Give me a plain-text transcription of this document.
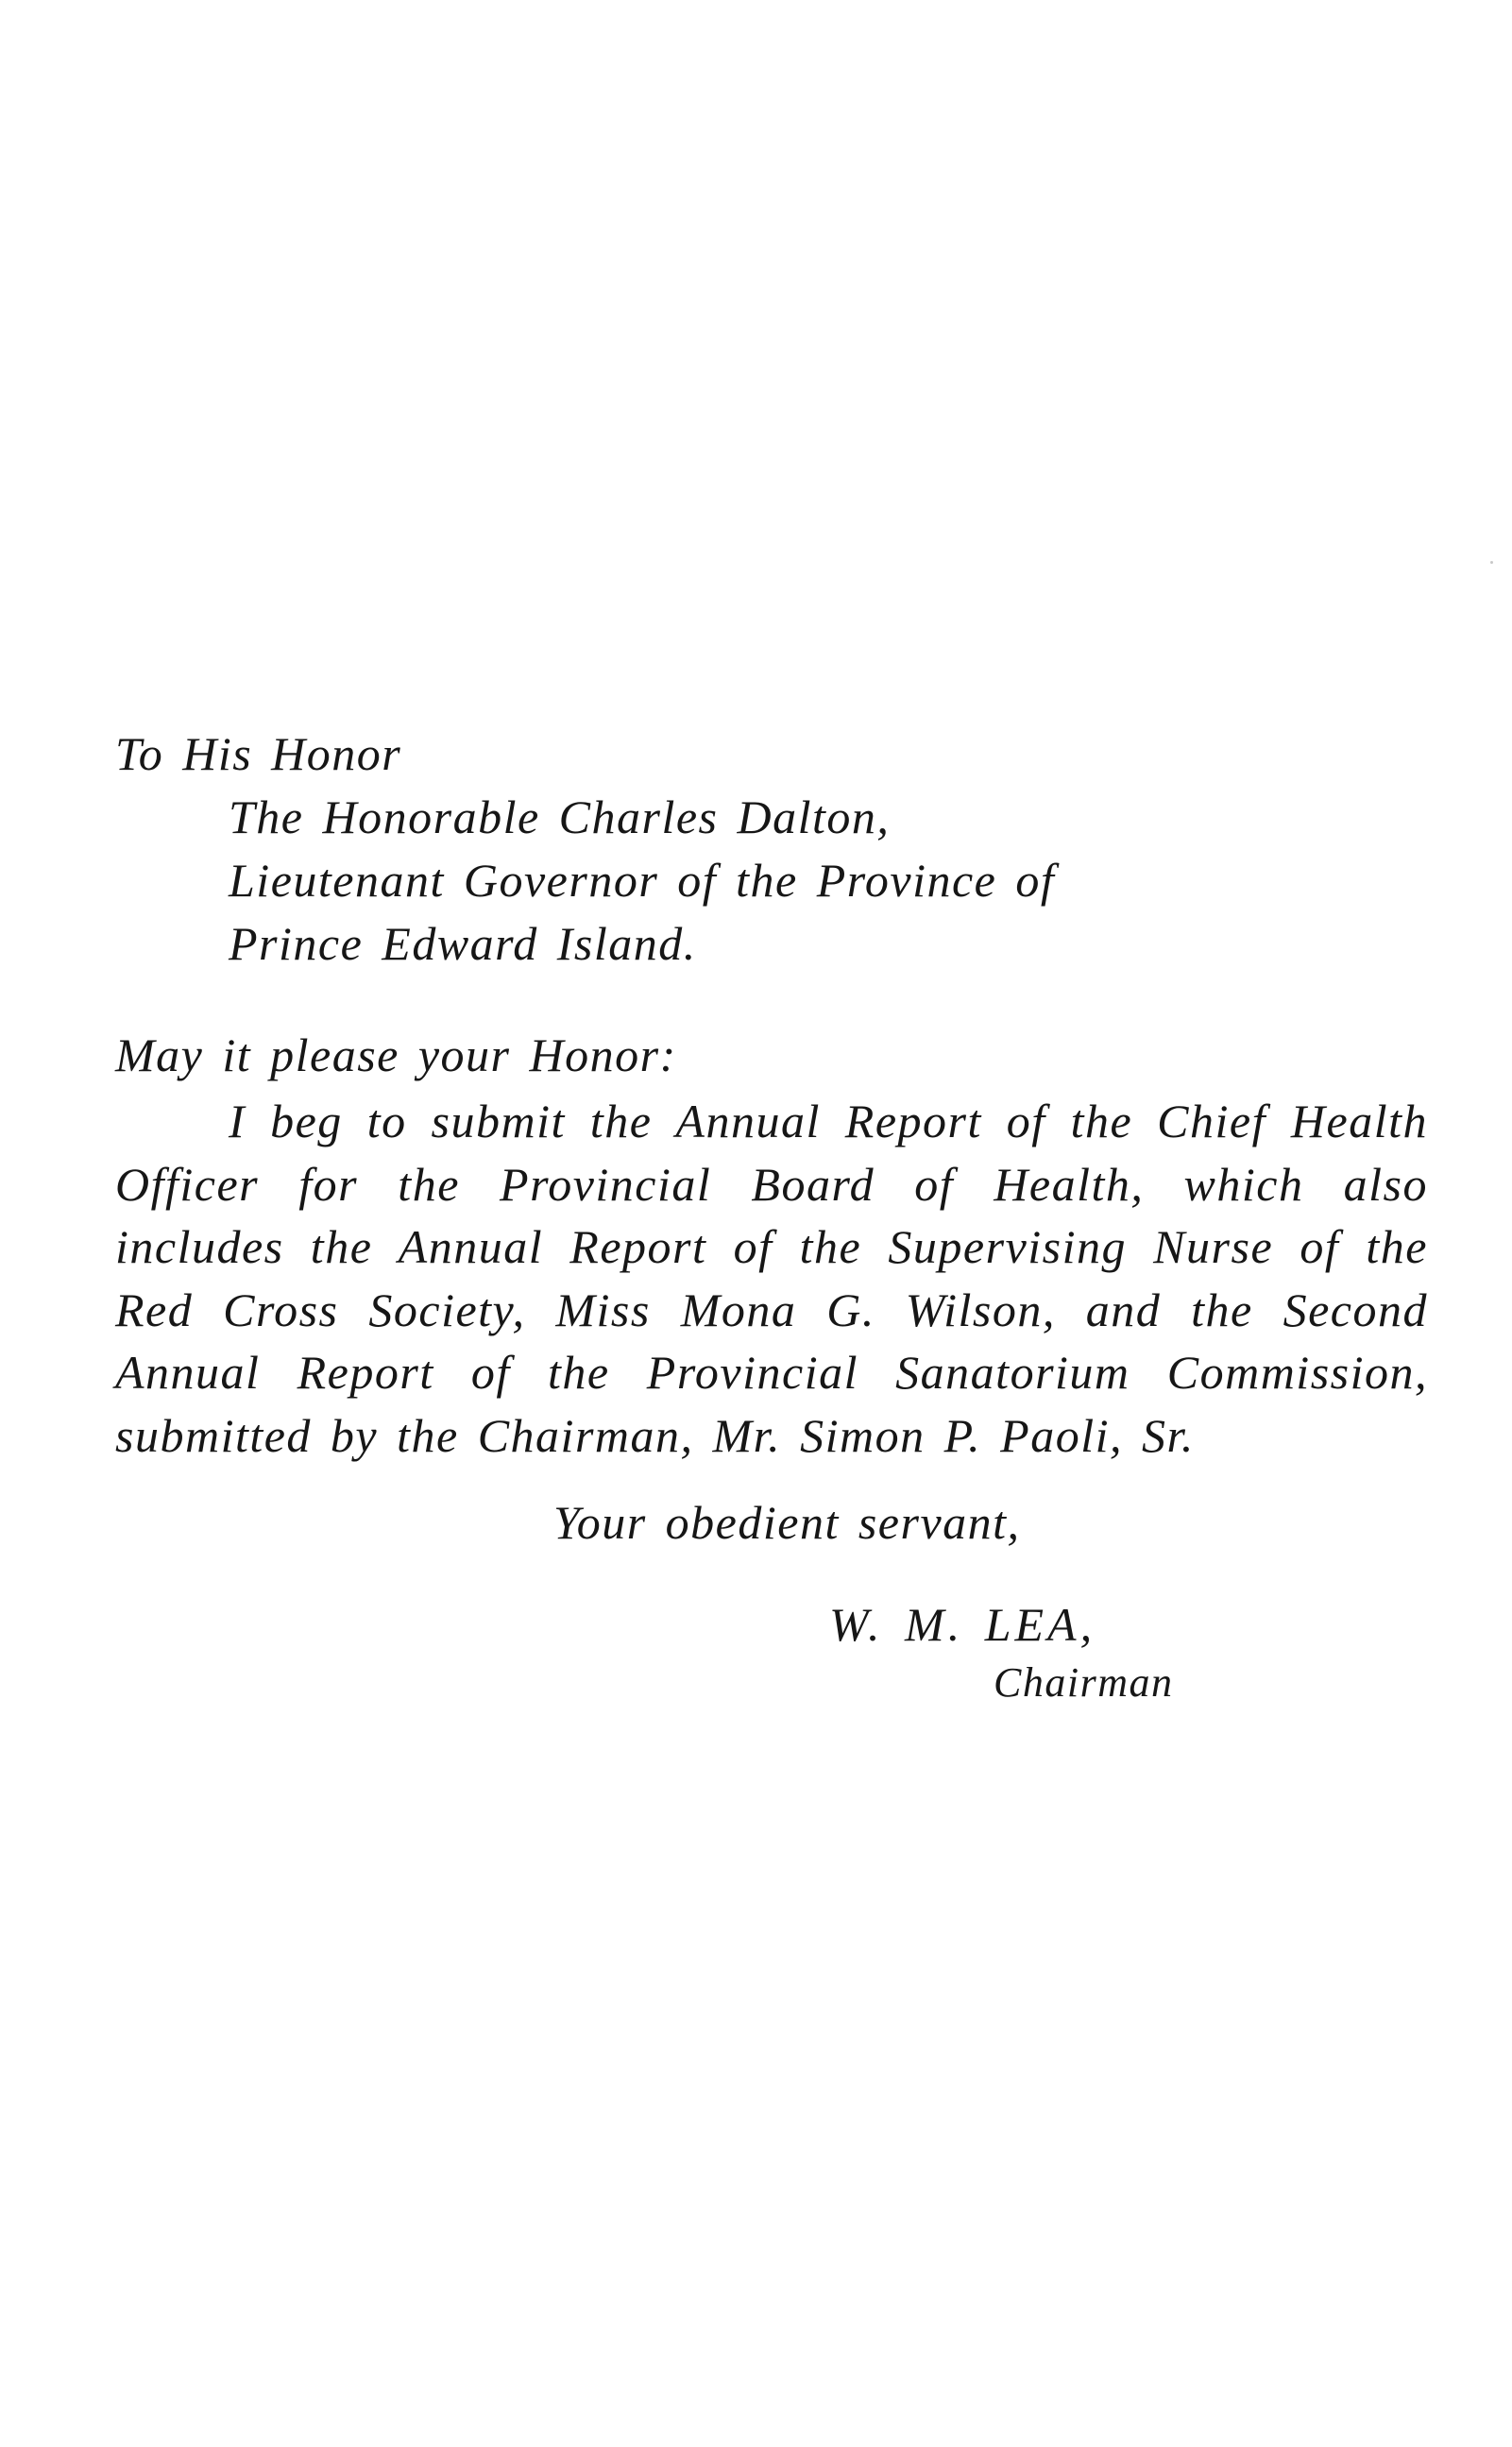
To His Honor
The Honorable Charles Dalton,
Lieutenant Governor of the Province of
Prince Edward Island.
May it please your Honor:

I beg to submit the Annual Report of the Chief Health Officer for the Provincial Board of Health, which also includes the Annual Report of the Supervising Nurse of the Red Cross Society, Miss Mona G. Wilson, and the Second Annual Report of the Provincial Sanatorium Commission, submitted by the Chairman, Mr. Simon P. Paoli, Sr.

Your obedient servant,
W. M. LEA,
Chairman
